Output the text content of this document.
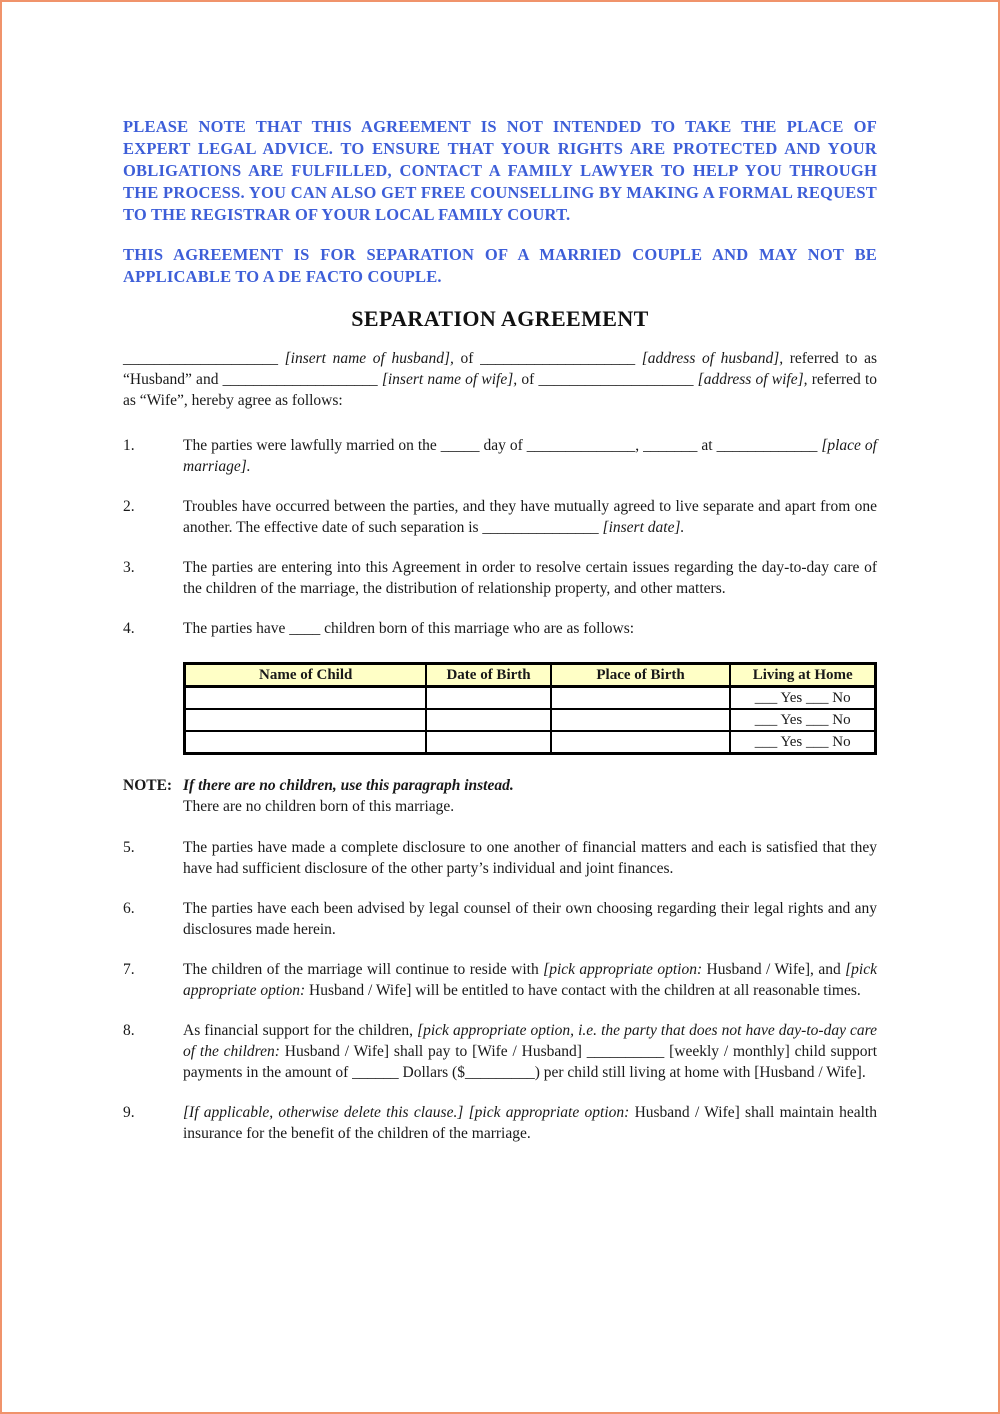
PLEASE NOTE THAT THIS AGREEMENT IS NOT INTENDED TO TAKE THE PLACE OF EXPERT LEGAL ADVICE. TO ENSURE THAT YOUR RIGHTS ARE PROTECTED AND YOUR OBLIGATIONS ARE FULFILLED, CONTACT A FAMILY LAWYER TO HELP YOU THROUGH THE PROCESS. YOU CAN ALSO GET FREE COUNSELLING BY MAKING A FORMAL REQUEST TO THE REGISTRAR OF YOUR LOCAL FAMILY COURT.

THIS AGREEMENT IS FOR SEPARATION OF A MARRIED COUPLE AND MAY NOT BE APPLICABLE TO A DE FACTO COUPLE.

SEPARATION AGREEMENT

____________________ [insert name of husband], of ____________________ [address of husband], referred to as “Husband” and ____________________ [insert name of wife], of ____________________ [address of wife], referred to as “Wife”, hereby agree as follows:

1.	The parties were lawfully married on the _____ day of ______________, _______ at _____________ [place of marriage].
2.	Troubles have occurred between the parties, and they have mutually agreed to live separate and apart from one another. The effective date of such separation is _______________ [insert date].
3.	The parties are entering into this Agreement in order to resolve certain issues regarding the day-to-day care of the children of the marriage, the distribution of relationship property, and other matters.
4.	The parties have ____ children born of this marriage who are as follows:
Name of Child	Date of Birth	Place of Birth	Living at Home
			___ Yes ___ No
			___ Yes ___ No
			___ Yes ___ No
NOTE: If there are no children, use this paragraph instead.
There are no children born of this marriage.
5.	The parties have made a complete disclosure to one another of financial matters and each is satisfied that they have had sufficient disclosure of the other party’s individual and joint finances.
6.	The parties have each been advised by legal counsel of their own choosing regarding their legal rights and any disclosures made herein.
7.	The children of the marriage will continue to reside with [pick appropriate option: Husband / Wife], and [pick appropriate option: Husband / Wife] will be entitled to have contact with the children at all reasonable times.
8.	As financial support for the children, [pick appropriate option, i.e. the party that does not have day-to-day care of the children: Husband / Wife] shall pay to [Wife / Husband] __________ [weekly / monthly] child support payments in the amount of ______ Dollars ($_________) per child still living at home with [Husband / Wife].
9.	[If applicable, otherwise delete this clause.] [pick appropriate option: Husband / Wife] shall maintain health insurance for the benefit of the children of the marriage.
